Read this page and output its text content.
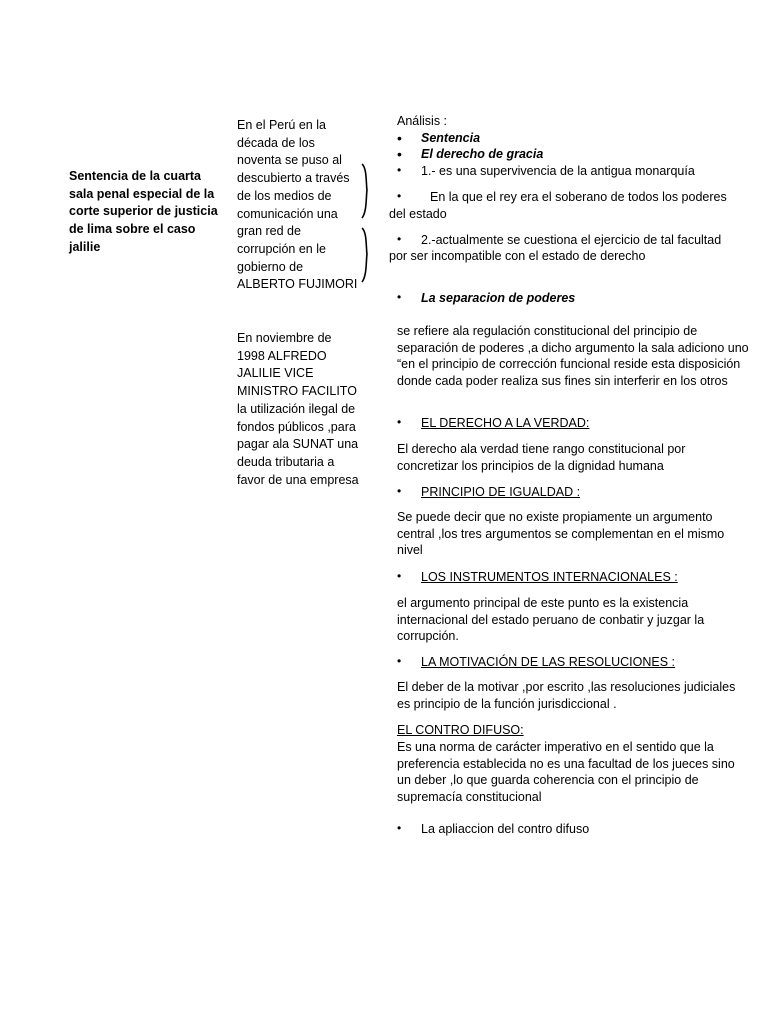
Sentencia de la cuarta sala penal especial de la corte superior de justicia de lima sobre el caso jalilie
En el Perú en la década de los noventa se puso al descubierto a través de los medios de comunicación una gran red de corrupción en le gobierno de ALBERTO FUJIMORI
En noviembre de 1998 ALFREDO JALILIE VICE MINISTRO FACILITO la utilización ilegal de fondos públicos ,para pagar ala SUNAT una deuda tributaria a favor de una empresa
Análisis :
• Sentencia
• El derecho de gracia
• 1.- es una supervivencia de la antigua monarquía
• En la que el rey era el soberano de todos los poderes
del estado
• 2.-actualmente se cuestiona el ejercicio de tal facultad
por ser incompatible con el estado de derecho
• La separacion de poderes
se refiere ala regulación constitucional del principio de separación de poderes ,a dicho argumento la sala adiciono uno “en el principio de corrección funcional reside esta disposición donde cada poder realiza sus fines sin interferir en los otros
• EL DERECHO A LA VERDAD:
El derecho ala verdad tiene rango constitucional por concretizar los principios de la dignidad humana
• PRINCIPIO DE IGUALDAD :
Se puede decir que no existe propiamente un argumento central ,los tres argumentos se complementan en el mismo nivel
• LOS INSTRUMENTOS INTERNACIONALES :
el argumento principal de este punto es la existencia internacional del estado peruano de conbatir y juzgar la corrupción.
• LA MOTIVACIÓN DE LAS RESOLUCIONES :
El deber de la motivar ,por escrito ,las resoluciones judiciales es principio de la función jurisdiccional .
EL CONTRO DIFUSO:
Es una norma de carácter imperativo en el sentido que la preferencia establecida no es una facultad de los jueces sino un deber ,lo que guarda coherencia con el principio de supremacía constitucional
• La apliaccion del contro difuso
